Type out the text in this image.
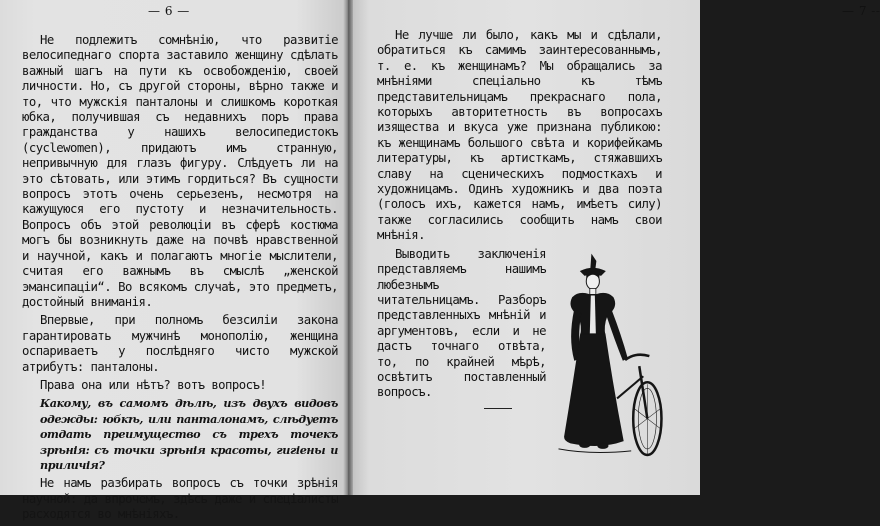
— 6 —

Не подлежитъ сомнѣнію, что развитіе велосипеднаго спорта заставило женщину сдѣлать важный шагъ на пути къ освобожденію, своей личности. Но, съ другой стороны, вѣрно также и то, что мужскія панталоны и слишкомъ короткая юбка, получившая съ недавнихъ поръ права гражданства у нашихъ велосипедистокъ (cyclewomen), придаютъ имъ странную, непривычную для глазъ фигуру. Слѣдуетъ ли на это сѣтовать, или этимъ гордиться? Въ сущности вопросъ этотъ очень серьезенъ, несмотря на кажущуюся его пустоту и незначительность. Вопросъ объ этой революціи въ сферѣ костюма могъ бы возникнуть даже на почвѣ нравственной и научной, какъ и полагаютъ многіе мыслители, считая его важнымъ въ смыслѣ „женской эмансипаціи“. Во всякомъ случаѣ, это предметъ, достойный вниманія.

Впервые, при полномъ безсиліи закона гарантировать мужчинѣ монополію, женщина оспариваетъ у послѣдняго чисто мужской атрибутъ: панталоны.

Права она или нѣтъ? вотъ вопросъ!

Какому, въ самомъ дѣлѣ, изъ двухъ видовъ одежды: юбкѣ, или панталонамъ, слѣдуетъ отдать преимущество съ трехъ точекъ зрѣнія: съ точки зрѣнія красоты, гигіены и приличія?

Не намъ разбирать вопросъ съ точки зрѣнія научной: да впрочемъ, здѣсь даже и спеціалисты расходятся во мнѣніяхъ.

— 7 --

Не лучше ли было, какъ мы и сдѣлали, обратиться къ самимъ заинтересованнымъ, т. е. къ женщинамъ? Мы обращались за мнѣніями спеціально къ тѣмъ представительницамъ прекраснаго пола, которыхъ авторитетность въ вопросахъ изящества и вкуса уже признана публикою: къ женщинамъ большого свѣта и корифейкамъ литературы, къ артисткамъ, стяжавшихъ славу на сценическихъ подмосткахъ и художницамъ. Одинъ художникъ и два поэта (голосъ ихъ, кажется намъ, имѣетъ силу) также согласились сообщить намъ свои мнѣнія.

Выводить заключенія представляемъ нашимъ любезнымъ читательницамъ. Разборъ представленныхъ мнѣній и аргументовъ, если и не дастъ точнаго отвѣта, то, по крайней мѣрѣ, освѣтитъ поставленный вопросъ.
